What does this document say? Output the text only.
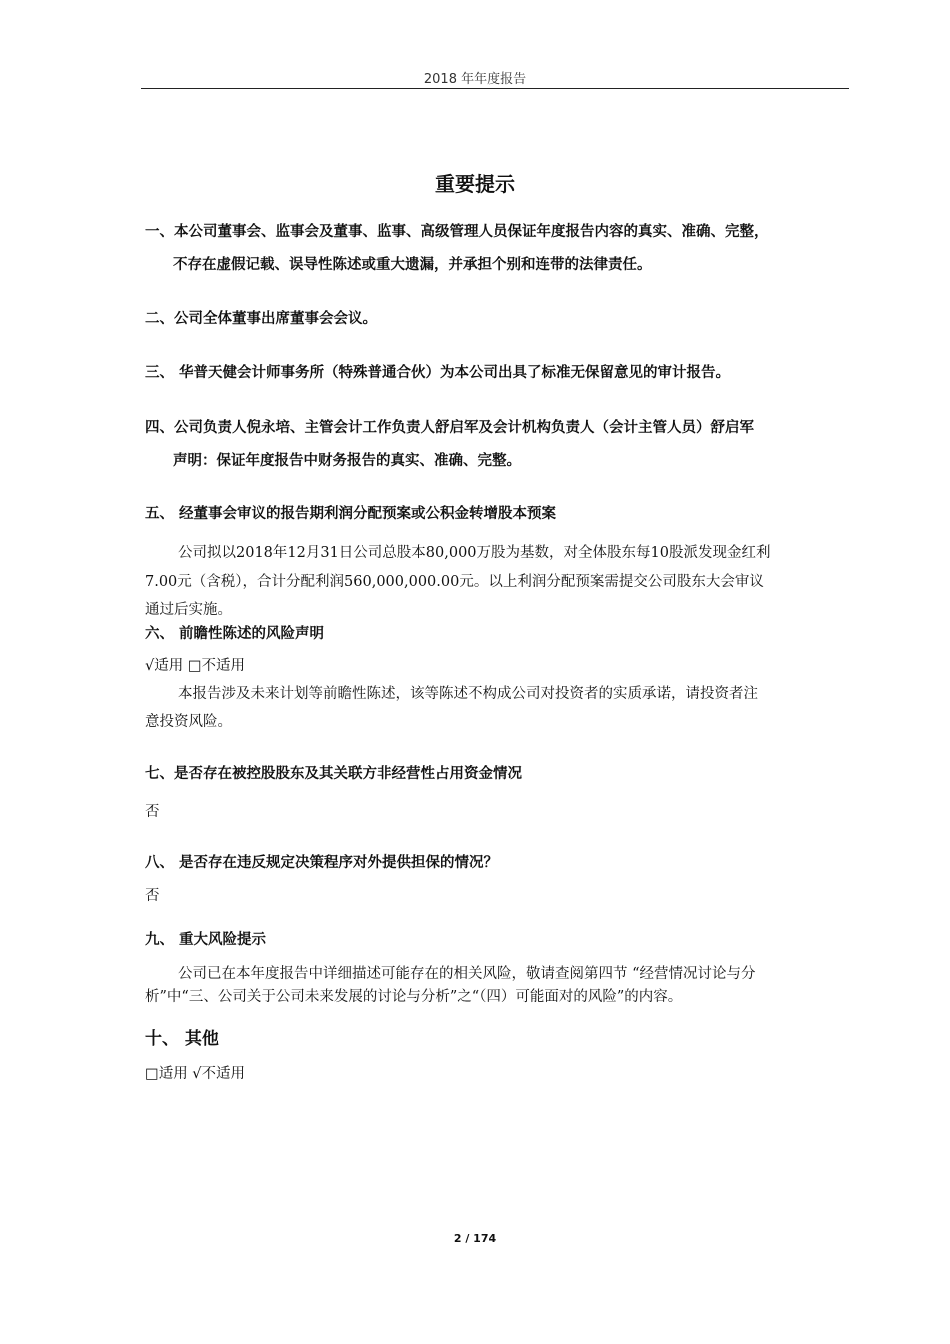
2018 年年度报告
重要提示
一、本公司董事会、监事会及董事、监事、高级管理人员保证年度报告内容的真实、准确、完整，
不存在虚假记载、误导性陈述或重大遗漏，并承担个别和连带的法律责任。
二、公司全体董事出席董事会会议。
三、 华普天健会计师事务所（特殊普通合伙）为本公司出具了标准无保留意见的审计报告。
四、公司负责人倪永培、主管会计工作负责人舒启军及会计机构负责人（会计主管人员）舒启军
声明：保证年度报告中财务报告的真实、准确、完整。
五、 经董事会审议的报告期利润分配预案或公积金转增股本预案
公司拟以2018年12月31日公司总股本80,000万股为基数，对全体股东每10股派发现金红利
7.00元（含税），合计分配利润560,000,000.00元。以上利润分配预案需提交公司股东大会审议
通过后实施。
六、 前瞻性陈述的风险声明
√适用 □不适用
本报告涉及未来计划等前瞻性陈述，该等陈述不构成公司对投资者的实质承诺，请投资者注
意投资风险。
七、是否存在被控股股东及其关联方非经营性占用资金情况
否
八、 是否存在违反规定决策程序对外提供担保的情况？
否
九、 重大风险提示
公司已在本年度报告中详细描述可能存在的相关风险，敬请查阅第四节 “经营情况讨论与分
析”中“三、公司关于公司未来发展的讨论与分析”之“（四）可能面对的风险”的内容。
十、 其他
□适用 √不适用
2 / 174
